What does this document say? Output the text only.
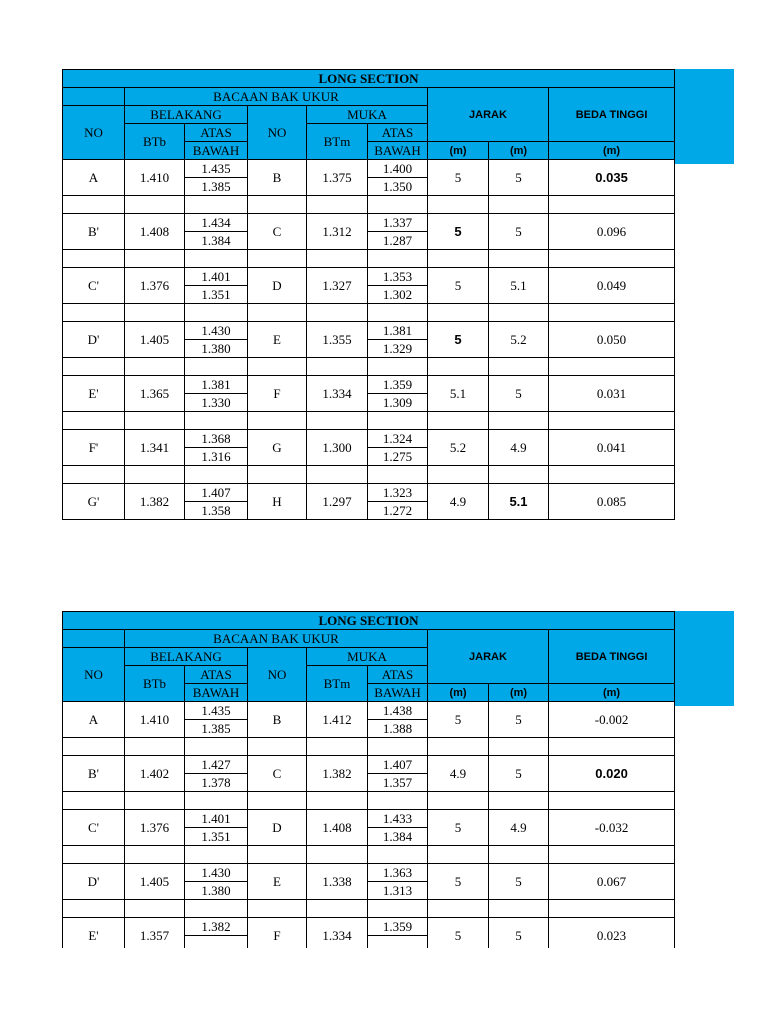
LONG SECTION								
	BACAAN BAK UKUR					JARAK		BEDA TINGGI
NO	BELAKANG		NO	MUKA				
	BTb	ATAS		BTm	ATAS			
		BAWAH			BAWAH	(m)	(m)	(m)
A	1.410	1.435	B	1.375	1.400	5	5	0.035
		1.385			1.350			

B'	1.408	1.434	C	1.312	1.337	5	5	0.096
		1.384			1.287			

C'	1.376	1.401	D	1.327	1.353	5	5.1	0.049
		1.351			1.302			

D'	1.405	1.430	E	1.355	1.381	5	5.2	0.050
		1.380			1.329			

E'	1.365	1.381	F	1.334	1.359	5.1	5	0.031
		1.330			1.309			

F'	1.341	1.368	G	1.300	1.324	5.2	4.9	0.041
		1.316			1.275			

G'	1.382	1.407	H	1.297	1.323	4.9	5.1	0.085
		1.358			1.272			
LONG SECTION								
	BACAAN BAK UKUR					JARAK		BEDA TINGGI
NO	BELAKANG		NO	MUKA				
	BTb	ATAS		BTm	ATAS			
		BAWAH			BAWAH	(m)	(m)	(m)
A	1.410	1.435	B	1.412	1.438	5	5	-0.002
		1.385			1.388			

B'	1.402	1.427	C	1.382	1.407	4.9	5	0.020
		1.378			1.357			

C'	1.376	1.401	D	1.408	1.433	5	4.9	-0.032
		1.351			1.384			

D'	1.405	1.430	E	1.338	1.363	5	5	0.067
		1.380			1.313			

E'	1.357	1.382	F	1.334	1.359	5	5	0.023
